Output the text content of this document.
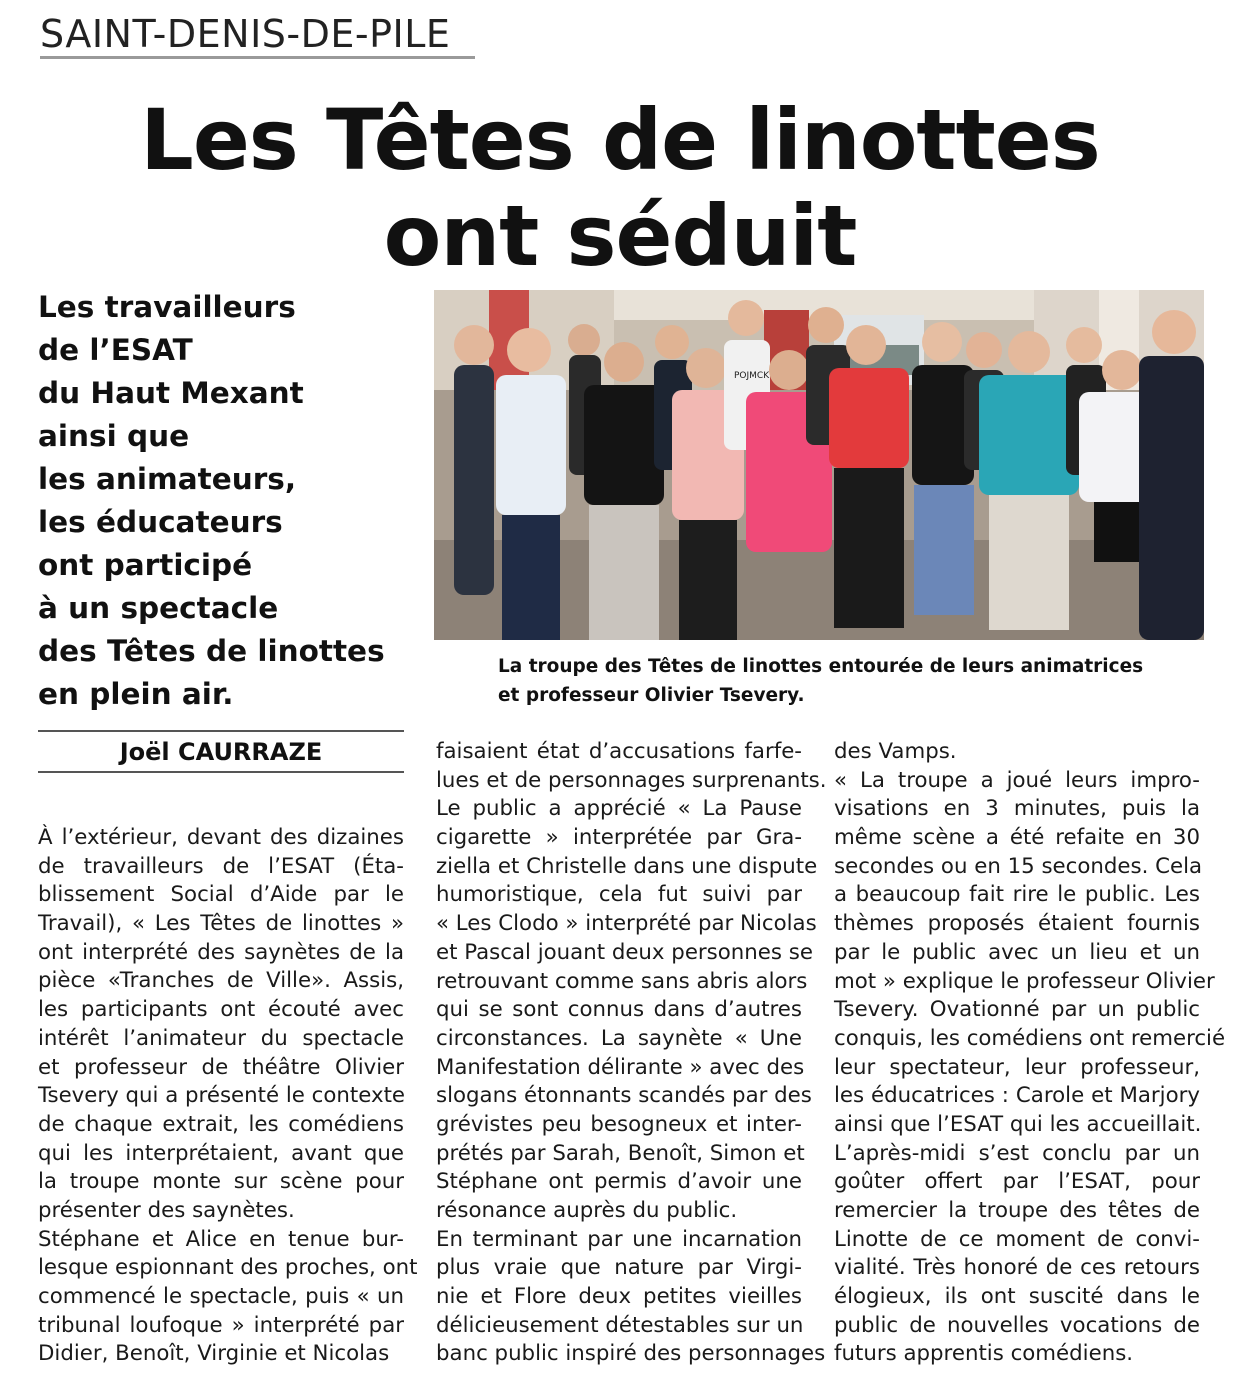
SAINT-DENIS-DE-PILE
Les Têtes de linottes
ont séduit
Les travailleurs
de l’ESAT
du Haut Mexant
ainsi que
les animateurs,
les éducateurs
ont participé
à un spectacle
des Têtes de linottes
en plein air.
Joël CAURRAZE
POJMCK
La troupe des Têtes de linottes entourée de leurs animatrices
et professeur Olivier Tsevery.
À l’extérieur, devant des dizaines
de travailleurs de l’ESAT (Éta-
blissement Social d’Aide par le
Travail), « Les Têtes de linottes »
ont interprété des saynètes de la
pièce «Tranches de Ville». Assis,
les participants ont écouté avec
intérêt l’animateur du spectacle
et professeur de théâtre Olivier
Tsevery qui a présenté le contexte
de chaque extrait, les comédiens
qui les interprétaient, avant que
la troupe monte sur scène pour
présenter des saynètes.
Stéphane et Alice en tenue bur-
lesque espionnant des proches, ont
commencé le spectacle, puis « un
tribunal loufoque » interprété par
Didier, Benoît, Virginie et Nicolas
faisaient état d’accusations farfe-
lues et de personnages surprenants.
Le public a apprécié « La Pause
cigarette » interprétée par Gra-
ziella et Christelle dans une dispute
humoristique, cela fut suivi par
« Les Clodo » interprété par Nicolas
et Pascal jouant deux personnes se
retrouvant comme sans abris alors
qui se sont connus dans d’autres
circonstances. La saynète « Une
Manifestation délirante » avec des
slogans étonnants scandés par des
grévistes peu besogneux et inter-
prétés par Sarah, Benoît, Simon et
Stéphane ont permis d’avoir une
résonance auprès du public.
En terminant par une incarnation
plus vraie que nature par Virgi-
nie et Flore deux petites vieilles
délicieusement détestables sur un
banc public inspiré des personnages
des Vamps.
« La troupe a joué leurs impro-
visations en 3 minutes, puis la
même scène a été refaite en 30
secondes ou en 15 secondes. Cela
a beaucoup fait rire le public. Les
thèmes proposés étaient fournis
par le public avec un lieu et un
mot » explique le professeur Olivier
Tsevery. Ovationné par un public
conquis, les comédiens ont remercié
leur spectateur, leur professeur,
les éducatrices : Carole et Marjory
ainsi que l’ESAT qui les accueillait.
L’après-midi s’est conclu par un
goûter offert par l’ESAT, pour
remercier la troupe des têtes de
Linotte de ce moment de convi-
vialité. Très honoré de ces retours
élogieux, ils ont suscité dans le
public de nouvelles vocations de
futurs apprentis comédiens.
